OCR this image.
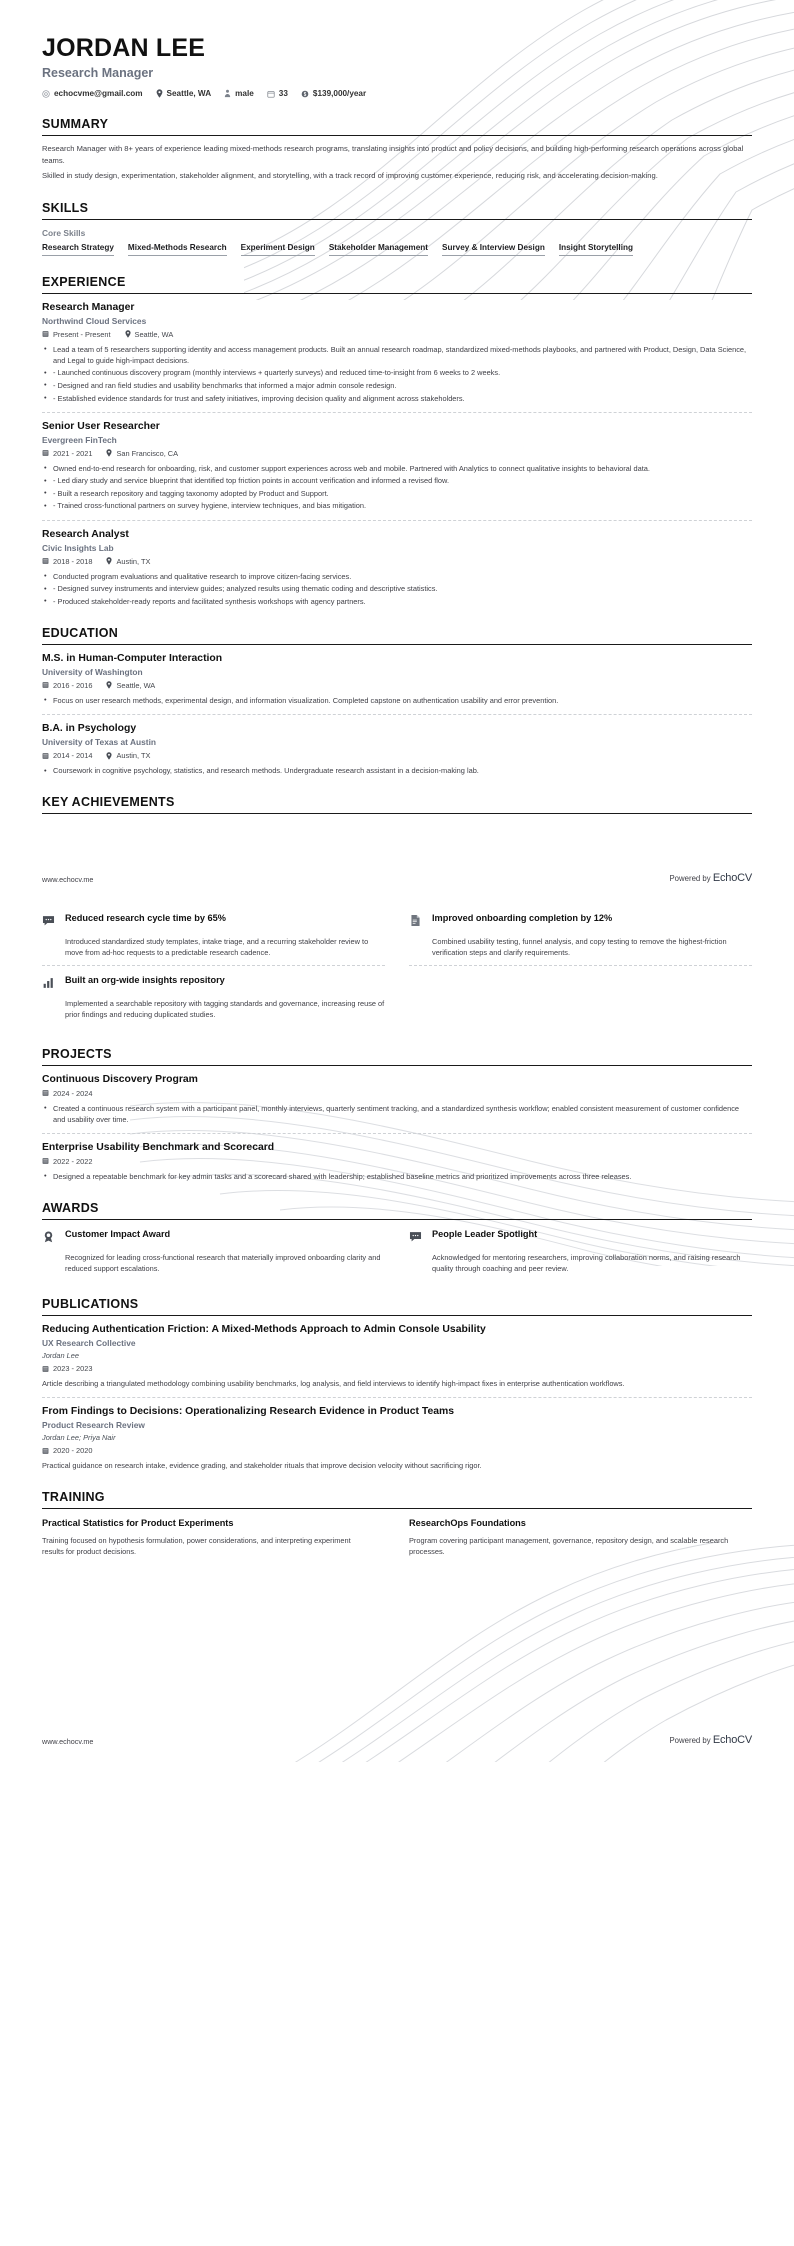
JORDAN LEE
Research Manager
echocvme@gmail.com	Seattle, WA	male	33	$139,000/year
SUMMARY

Research Manager with 8+ years of experience leading mixed-methods research programs, translating insights into product and policy decisions, and building high-performing research operations across global teams.

Skilled in study design, experimentation, stakeholder alignment, and storytelling, with a track record of improving customer experience, reducing risk, and accelerating decision-making.

SKILLS
Core Skills
Research Strategy Mixed-Methods Research Experiment Design Stakeholder Management Survey & Interview Design Insight Storytelling
EXPERIENCE
Research Manager
Northwind Cloud Services
Present - Present	Seattle, WA
• Lead a team of 5 researchers supporting identity and access management products. Built an annual research roadmap, standardized mixed-methods playbooks, and partnered with Product, Design, Data Science, and Legal to guide high-impact decisions.
• - Launched continuous discovery program (monthly interviews + quarterly surveys) and reduced time-to-insight from 6 weeks to 2 weeks.
• - Designed and ran field studies and usability benchmarks that informed a major admin console redesign.
• - Established evidence standards for trust and safety initiatives, improving decision quality and alignment across stakeholders.
Senior User Researcher
Evergreen FinTech
2021 - 2021	San Francisco, CA
• Owned end-to-end research for onboarding, risk, and customer support experiences across web and mobile. Partnered with Analytics to connect qualitative insights to behavioral data.
• - Led diary study and service blueprint that identified top friction points in account verification and informed a revised flow.
• - Built a research repository and tagging taxonomy adopted by Product and Support.
• - Trained cross-functional partners on survey hygiene, interview techniques, and bias mitigation.
Research Analyst
Civic Insights Lab
2018 - 2018	Austin, TX
• Conducted program evaluations and qualitative research to improve citizen-facing services.
• - Designed survey instruments and interview guides; analyzed results using thematic coding and descriptive statistics.
• - Produced stakeholder-ready reports and facilitated synthesis workshops with agency partners.
EDUCATION
M.S. in Human-Computer Interaction
University of Washington
2016 - 2016	Seattle, WA
• Focus on user research methods, experimental design, and information visualization. Completed capstone on authentication usability and error prevention.
B.A. in Psychology
University of Texas at Austin
2014 - 2014	Austin, TX
• Coursework in cognitive psychology, statistics, and research methods. Undergraduate research assistant in a decision-making lab.
KEY ACHIEVEMENTS
www.echocv.me	Powered by EchoCV
Reduced research cycle time by 65%
Introduced standardized study templates, intake triage, and a recurring stakeholder review to move from ad-hoc requests to a predictable research cadence.
Improved onboarding completion by 12%
Combined usability testing, funnel analysis, and copy testing to remove the highest-friction verification steps and clarify requirements.
Built an org-wide insights repository
Implemented a searchable repository with tagging standards and governance, increasing reuse of prior findings and reducing duplicated studies.
PROJECTS
Continuous Discovery Program
2024 - 2024
• Created a continuous research system with a participant panel, monthly interviews, quarterly sentiment tracking, and a standardized synthesis workflow; enabled consistent measurement of customer confidence and usability over time.
Enterprise Usability Benchmark and Scorecard
2022 - 2022
• Designed a repeatable benchmark for key admin tasks and a scorecard shared with leadership; established baseline metrics and prioritized improvements across three releases.
AWARDS
Customer Impact Award
Recognized for leading cross-functional research that materially improved onboarding clarity and reduced support escalations.
People Leader Spotlight
Acknowledged for mentoring researchers, improving collaboration norms, and raising research quality through coaching and peer review.
PUBLICATIONS
Reducing Authentication Friction: A Mixed-Methods Approach to Admin Console Usability
UX Research Collective
Jordan Lee
2023 - 2023
Article describing a triangulated methodology combining usability benchmarks, log analysis, and field interviews to identify high-impact fixes in enterprise authentication workflows.
From Findings to Decisions: Operationalizing Research Evidence in Product Teams
Product Research Review
Jordan Lee; Priya Nair
2020 - 2020
Practical guidance on research intake, evidence grading, and stakeholder rituals that improve decision velocity without sacrificing rigor.
TRAINING
Practical Statistics for Product Experiments
Training focused on hypothesis formulation, power considerations, and interpreting experiment results for product decisions.
ResearchOps Foundations
Program covering participant management, governance, repository design, and scalable research processes.
www.echocv.me	Powered by EchoCV
